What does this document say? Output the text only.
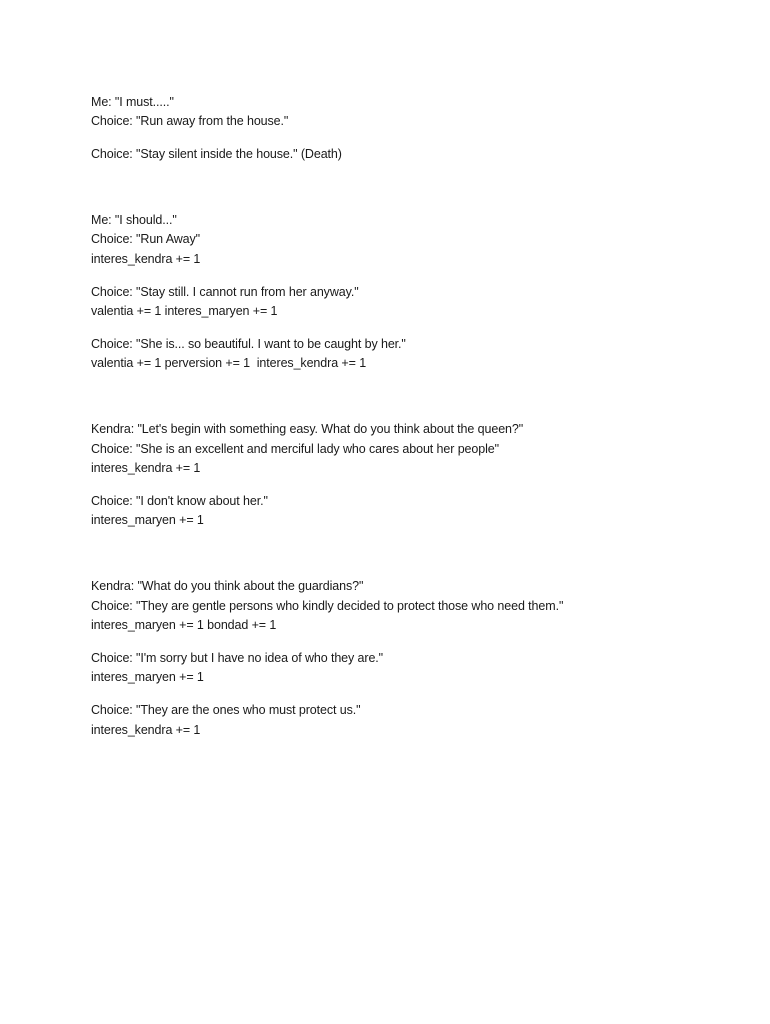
Me: "I must....."
Choice: "Run away from the house."
Choice: "Stay silent inside the house." (Death)
Me: "I should..."
Choice: "Run Away"
interes_kendra += 1
Choice: "Stay still. I cannot run from her anyway."
valentia += 1 interes_maryen += 1
Choice: "She is... so beautiful. I want to be caught by her."
valentia += 1 perversion += 1  interes_kendra += 1
Kendra: "Let's begin with something easy. What do you think about the queen?"
Choice: "She is an excellent and merciful lady who cares about her people"
interes_kendra += 1
Choice: "I don't know about her."
interes_maryen += 1
Kendra: "What do you think about the guardians?"
Choice: "They are gentle persons who kindly decided to protect those who need them."
interes_maryen += 1 bondad += 1
Choice: "I'm sorry but I have no idea of who they are."
interes_maryen += 1
Choice: "They are the ones who must protect us."
interes_kendra += 1
